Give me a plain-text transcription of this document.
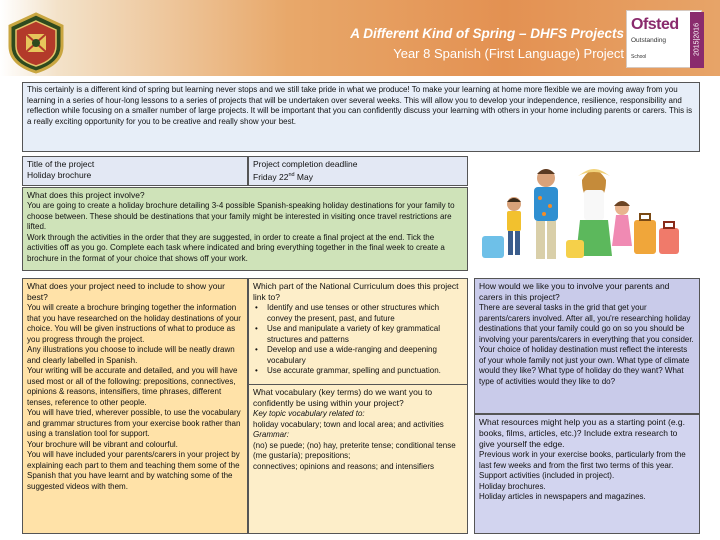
A Different Kind of Spring – DHFS Projects
Year 8 Spanish (First Language) Project
Ofsted
Outstanding
School
2015|2016

This certainly is a different kind of spring but learning never stops and we still take pride in what we produce! To make your learning at home more flexible we are moving away from you learning in a series of hour-long lessons to a series of projects that will be undertaken over several weeks. This will allow you to develop your independence, resilience, responsibility and reflection while focusing on a smaller number of large projects. It will be important that you can confidently discuss your learning with others in your home including parents or carers. This is a really exciting opportunity for you to be creative and really show your best.

Title of the project

Holiday brochure

Project completion deadline

Friday 22nd May

What does this project involve?

You are going to create a holiday brochure detailing 3-4 possible Spanish-speaking holiday destinations for your family to choose between. These should be destinations that your family might be interested in visiting once travel restrictions are lifted.

Work through the activities in the order that they are suggested, in order to create a final project at the end. Tick the activities off as you go. Complete each task where indicated and bring everything together in the final week to create a brochure in the format of your choice that shows off your work.

What does your project need to include to show your best?

You will create a brochure bringing together the information that you have researched on the holiday destinations of your choice. You will be given instructions of what to produce as you progress through the project.

Any illustrations you choose to include will be neatly drawn and clearly labelled in Spanish.

Your writing will be accurate and detailed, and you will have used most or all of the following: prepositions, connectives, opinions & reasons, intensifiers, time phrases, different tenses, reference to other people.

You will have tried, wherever possible, to use the vocabulary and grammar structures from your exercise book rather than using a translation tool for support.

Your brochure will be vibrant and colourful.

You will have included your parents/carers in your project by explaining each part to them and teaching them some of the Spanish that you have learnt and by watching some of the suggested videos with them.

Which part of the National Curriculum does this project link to?

• Identify and use tenses or other structures which convey the present, past, and future
• Use and manipulate a variety of key grammatical structures and patterns
• Develop and use a wide-ranging and deepening vocabulary
• Use accurate grammar, spelling and punctuation.

What vocabulary (key terms) do we want you to confidently be using within your project?

Key topic vocabulary related to:

holiday vocabulary; town and local area; and activities

Grammar:

(no) se puede; (no) hay, preterite tense; conditional tense (me gustaría); prepositions;

connectives; opinions and reasons; and intensifiers

How would we like you to involve your parents and carers in this project?

There are several tasks in the grid that get your parents/carers involved. After all, you're researching holiday destinations that your family could go on so you should be involving your parents/carers in everything that you consider. Your choice of holiday destination must reflect the interests of your whole family not just your own. What type of climate would they like? What type of holiday do they want? What type of activities would they like to do?

What resources might help you as a starting point (e.g. books, films, articles, etc.)? Include extra research to give yourself the edge.

Previous work in your exercise books, particularly from the last few weeks and from the first two terms of this year.

Support activities (included in project).

Holiday brochures.

Holiday articles in newspapers and magazines.
